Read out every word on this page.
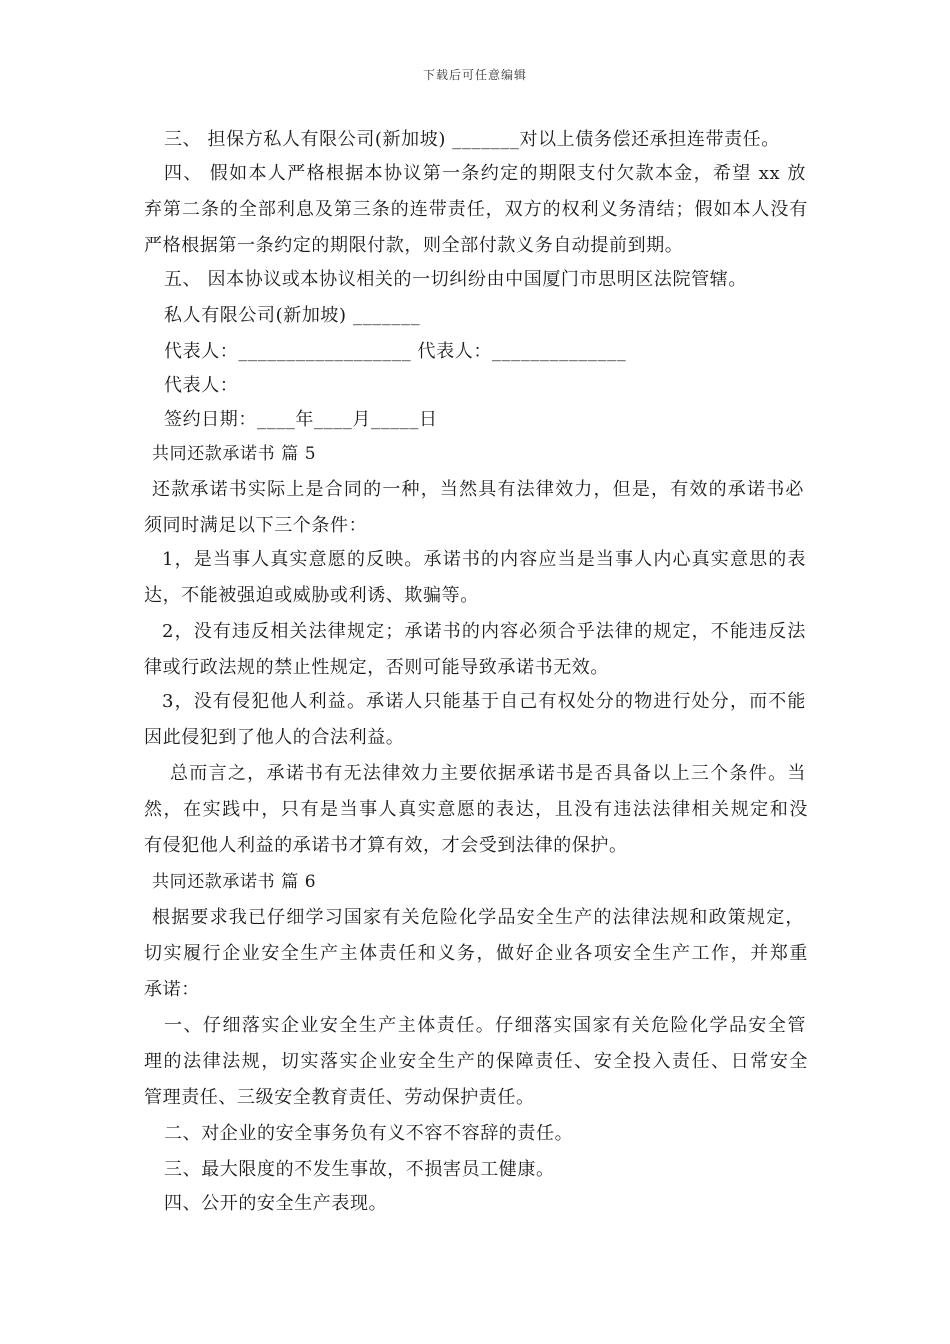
下载后可任意编辑
三、 担保方私人有限公司(新加坡) _______对以上债务偿还承担连带责任。
四、 假如本人严格根据本协议第一条约定的期限支付欠款本金，希望 xx 放
弃第二条的全部利息及第三条的连带责任，双方的权利义务清结；假如本人没有
严格根据第一条约定的期限付款，则全部付款义务自动提前到期。
五、 因本协议或本协议相关的一切纠纷由中国厦门市思明区法院管辖。
私人有限公司(新加坡) _______
代表人：__________________ 代表人：______________
代表人：
签约日期：____年____月_____日
共同还款承诺书 篇 5
还款承诺书实际上是合同的一种，当然具有法律效力，但是，有效的承诺书必
须同时满足以下三个条件：
1，是当事人真实意愿的反映。承诺书的内容应当是当事人内心真实意思的表
达，不能被强迫或威胁或利诱、欺骗等。
2，没有违反相关法律规定；承诺书的内容必须合乎法律的规定，不能违反法
律或行政法规的禁止性规定，否则可能导致承诺书无效。
3，没有侵犯他人利益。承诺人只能基于自己有权处分的物进行处分，而不能
因此侵犯到了他人的合法利益。
总而言之，承诺书有无法律效力主要依据承诺书是否具备以上三个条件。当
然，在实践中，只有是当事人真实意愿的表达，且没有违法法律相关规定和没
有侵犯他人利益的承诺书才算有效，才会受到法律的保护。
共同还款承诺书 篇 6
根据要求我已仔细学习国家有关危险化学品安全生产的法律法规和政策规定，
切实履行企业安全生产主体责任和义务，做好企业各项安全生产工作，并郑重
承诺：
一、仔细落实企业安全生产主体责任。仔细落实国家有关危险化学品安全管
理的法律法规，切实落实企业安全生产的保障责任、安全投入责任、日常安全
管理责任、三级安全教育责任、劳动保护责任。
二、对企业的安全事务负有义不容不容辞的责任。
三、最大限度的不发生事故，不损害员工健康。
四、公开的安全生产表现。
